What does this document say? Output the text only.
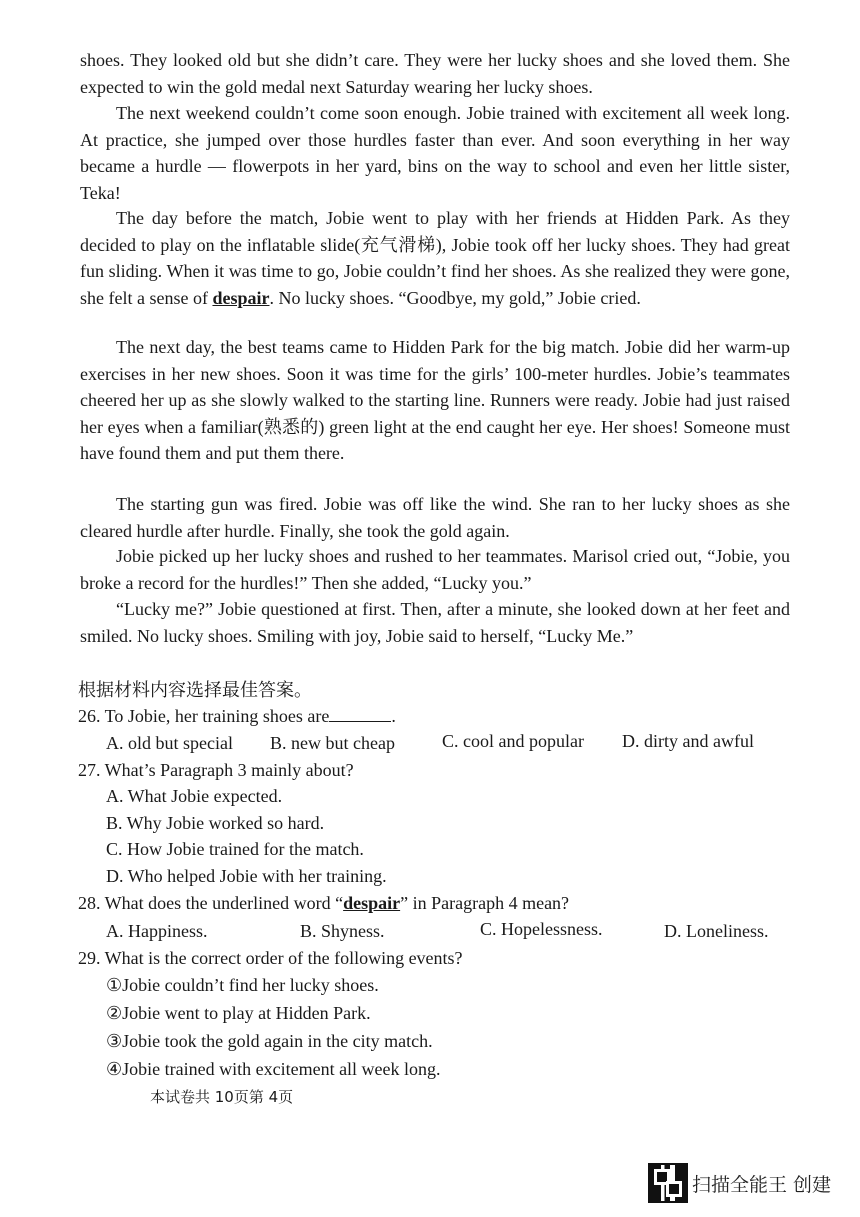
shoes. They looked old but she didn’t care. They were her lucky shoes and she loved them. She expected to win the gold medal next Saturday wearing her lucky shoes.
The next weekend couldn’t come soon enough. Jobie trained with excitement all week long. At practice, she jumped over those hurdles faster than ever. And soon everything in her way became a hurdle — flowerpots in her yard, bins on the way to school and even her little sister, Teka!
The day before the match, Jobie went to play with her friends at Hidden Park. As they decided to play on the inflatable slide(充气滑梯), Jobie took off her lucky shoes. They had great fun sliding. When it was time to go, Jobie couldn’t find her shoes. As she realized they were gone, she felt a sense of despair. No lucky shoes. “Goodbye, my gold,” Jobie cried.
The next day, the best teams came to Hidden Park for the big match. Jobie did her warm-up exercises in her new shoes. Soon it was time for the girls’ 100-meter hurdles. Jobie’s teammates cheered her up as she slowly walked to the starting line. Runners were ready. Jobie had just raised her eyes when a familiar(熟悉的) green light at the end caught her eye. Her shoes! Someone must have found them and put them there.
The starting gun was fired. Jobie was off like the wind. She ran to her lucky shoes as she cleared hurdle after hurdle. Finally, she took the gold again.
Jobie picked up her lucky shoes and rushed to her teammates. Marisol cried out, “Jobie, you broke a record for the hurdles!” Then she added, “Lucky you.”
“Lucky me?” Jobie questioned at first. Then, after a minute, she looked down at her feet and smiled. No lucky shoes. Smiling with joy, Jobie said to herself, “Lucky Me.”
根据材料内容选择最佳答案。
26. To Jobie, her training shoes are	.
A. old but special B. new but cheap	C. cool and popular D. dirty and awful
27. What’s Paragraph 3 mainly about?
A. What Jobie expected.
B. Why Jobie worked so hard.
C. How Jobie trained for the match.
D. Who helped Jobie with her training.
28. What does the underlined word “despair” in Paragraph 4 mean?
A. Happiness.	B. Shyness.	C. Hopelessness.	D. Loneliness.
29. What is the correct order of the following events?
①Jobie couldn’t find her lucky shoes.
②Jobie went to play at Hidden Park.
③Jobie took the gold again in the city match.
④Jobie trained with excitement all week long.
本试卷共 10页第 4页
扫描全能王 创建
